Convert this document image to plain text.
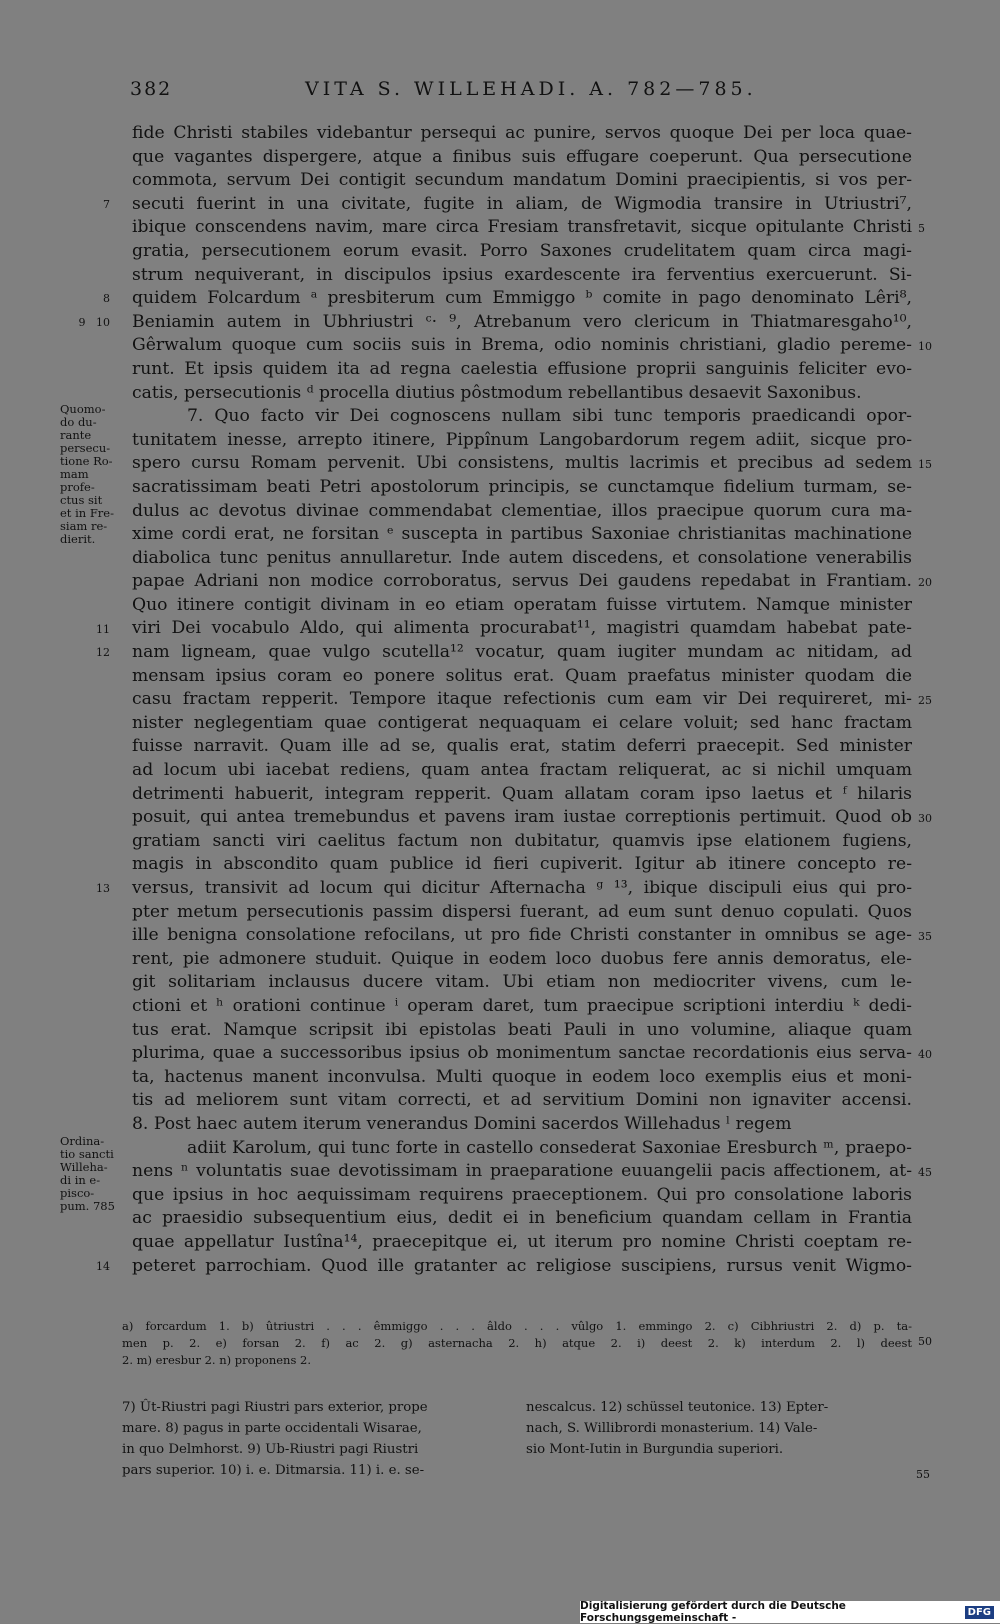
382	VITA S. WILLEHADI. A. 782—785.
fide Christi stabiles videbantur persequi ac punire, servos quoque Dei per loca quae-
que vagantes dispergere, atque a finibus suis effugare coeperunt. Qua persecutione
commota, servum Dei contigit secundum mandatum Domini praecipientis, si vos per-
secuti fuerint in una civitate, fugite in aliam, de Wigmodia transire in Utriustri⁷,
ibique conscendens navim, mare circa Fresiam transfretavit, sicque opitulante Christi
gratia, persecutionem eorum evasit. Porro Saxones crudelitatem quam circa magi-
strum nequiverant, in discipulos ipsius exardescente ira ferventius exercuerunt. Si-
quidem Folcardum ᵃ presbiterum cum Emmiggo ᵇ comite in pago denominato Lêri⁸,
Beniamin autem in Ubhriustri ᶜ· ⁹, Atrebanum vero clericum in Thiatmaresgaho¹⁰,
Gêrwalum quoque cum sociis suis in Brema, odio nominis christiani, gladio pereme-
runt. Et ipsis quidem ita ad regna caelestia effusione proprii sanguinis feliciter evo-
catis, persecutionis ᵈ procella diutius pôstmodum rebellantibus desaevit Saxonibus.
7. Quo facto vir Dei cognoscens nullam sibi tunc temporis praedicandi opor-
tunitatem inesse, arrepto itinere, Pippînum Langobardorum regem adiit, sicque pro-
spero cursu Romam pervenit. Ubi consistens, multis lacrimis et precibus ad sedem
sacratissimam beati Petri apostolorum principis, se cunctamque fidelium turmam, se-
dulus ac devotus divinae commendabat clementiae, illos praecipue quorum cura ma-
xime cordi erat, ne forsitan ᵉ suscepta in partibus Saxoniae christianitas machinatione
diabolica tunc penitus annullaretur. Inde autem discedens, et consolatione venerabilis
papae Adriani non modice corroboratus, servus Dei gaudens repedabat in Frantiam.
Quo itinere contigit divinam in eo etiam operatam fuisse virtutem. Namque minister
viri Dei vocabulo Aldo, qui alimenta procurabat¹¹, magistri quamdam habebat pate-
nam ligneam, quae vulgo scutella¹² vocatur, quam iugiter mundam ac nitidam, ad
mensam ipsius coram eo ponere solitus erat. Quam praefatus minister quodam die
casu fractam repperit. Tempore itaque refectionis cum eam vir Dei requireret, mi-
nister neglegentiam quae contigerat nequaquam ei celare voluit; sed hanc fractam
fuisse narravit. Quam ille ad se, qualis erat, statim deferri praecepit. Sed minister
ad locum ubi iacebat rediens, quam antea fractam reliquerat, ac si nichil umquam
detrimenti habuerit, integram repperit. Quam allatam coram ipso laetus et ᶠ hilaris
posuit, qui antea tremebundus et pavens iram iustae correptionis pertimuit. Quod ob
gratiam sancti viri caelitus factum non dubitatur, quamvis ipse elationem fugiens,
magis in abscondito quam publice id fieri cupiverit. Igitur ab itinere concepto re-
versus, transivit ad locum qui dicitur Afternacha ᵍ ¹³, ibique discipuli eius qui pro-
pter metum persecutionis passim dispersi fuerant, ad eum sunt denuo copulati. Quos
ille benigna consolatione refocilans, ut pro fide Christi constanter in omnibus se age-
rent, pie admonere studuit. Quique in eodem loco duobus fere annis demoratus, ele-
git solitariam inclausus ducere vitam. Ubi etiam non mediocriter vivens, cum le-
ctioni et ʰ orationi continue ⁱ operam daret, tum praecipue scriptioni interdiu ᵏ dedi-
tus erat. Namque scripsit ibi epistolas beati Pauli in uno volumine, aliaque quam
plurima, quae a successoribus ipsius ob monimentum sanctae recordationis eius serva-
ta, hactenus manent inconvulsa. Multi quoque in eodem loco exemplis eius et moni-
tis ad meliorem sunt vitam correcti, et ad servitium Domini non ignaviter accensi.
8. Post haec autem iterum venerandus Domini sacerdos Willehadus ˡ regem
adiit Karolum, qui tunc forte in castello consederat Saxoniae Eresburch ᵐ, praepo-
nens ⁿ voluntatis suae devotissimam in praeparatione euuangelii pacis affectionem, at-
que ipsius in hoc aequissimam requirens praeceptionem. Qui pro consolatione laboris
ac praesidio subsequentium eius, dedit ei in beneficium quandam cellam in Frantia
quae appellatur Iustîna¹⁴, praecepitque ei, ut iterum pro nomine Christi coeptam re-
peteret parrochiam. Quod ille gratanter ac religiose suscipiens, rursus venit Wigmo-
7
8
9   10
11
12
13
14
5
10
15
20
25
30
35
40
45
Quomo-
do du-
rante
persecu-
tione Ro-
mam
profe-
ctus sit
et in Fre-
siam re-
dierit.
Ordina-
tio sancti
Willeha-
di in e-
pisco-
pum. 785
a) forcardum 1. b) ûtriustri . . . êmmiggo . . . âldo . . . vûlgo 1. emmingo 2. c) Cibhriustri 2. d) p. ta-
men p. 2. e) forsan 2. f) ac 2. g) asternacha 2. h) atque 2. i) deest 2. k) interdum 2. l) deest
2. m) eresbur 2. n) proponens 2.
50
7) Ût-Riustri pagi Riustri pars exterior, prope
mare. 8) pagus in parte occidentali Wisarae,
in quo Delmhorst. 9) Ub-Riustri pagi Riustri
pars superior. 10) i. e. Ditmarsia. 11) i. e. se-
nescalcus. 12) schüssel teutonice. 13) Epter-
nach, S. Willibrordi monasterium. 14) Vale-
sio Mont-Iutin in Burgundia superiori.
55
Digitalisierung gefördert durch die Deutsche Forschungsgemeinschaft -	DFG
